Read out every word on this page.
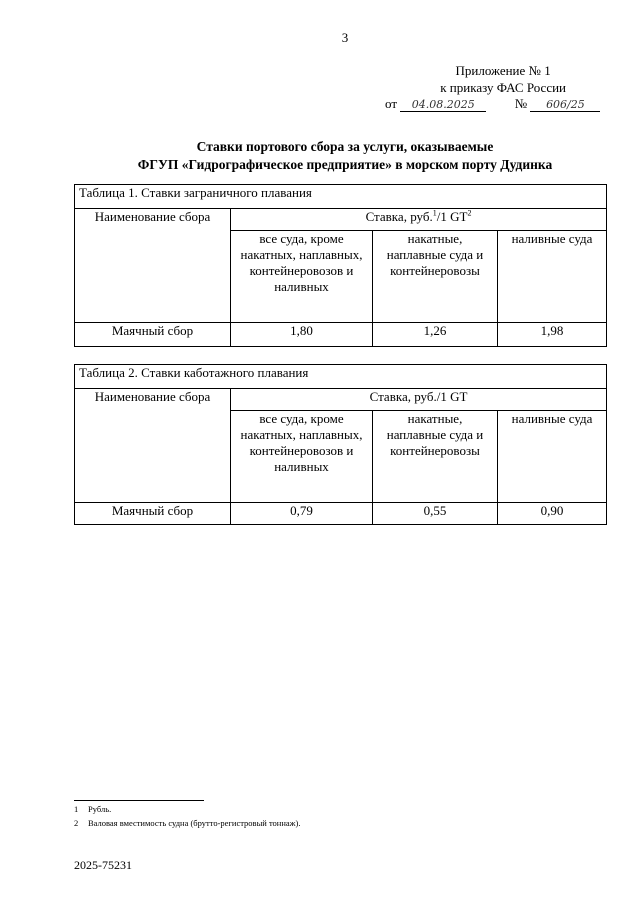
3
Приложение № 1
к приказу ФАС России
от 04.08.2025	№ 606/25
Ставки портового сбора за услуги, оказываемые
ФГУП «Гидрографическое предприятие» в морском порту Дудинка
Таблица 1. Ставки заграничного плавания			
Наименование сбора	Ставка, руб.$^1$/1 $GT^2$
	все суда, кроме накатных, наплавных, контейнеровозов и наливных	накатные, наплавные суда и контейнеровозы	наливные суда
Маячный сбор	1,80	1,26	1,98
Таблица 2. Ставки каботажного плавания			
Наименование сбора	Ставка, руб./1 GT		
	все суда, кроме накатных, наплавных, контейнеровозов и наливных	накатные, наплавные суда и контейнеровозы	наливные суда
Маячный сбор	0,79	0,55	0,90
1 Рубль.
2 Валовая вместимость судна (брутто-регистровый тоннаж).
2025-75231
